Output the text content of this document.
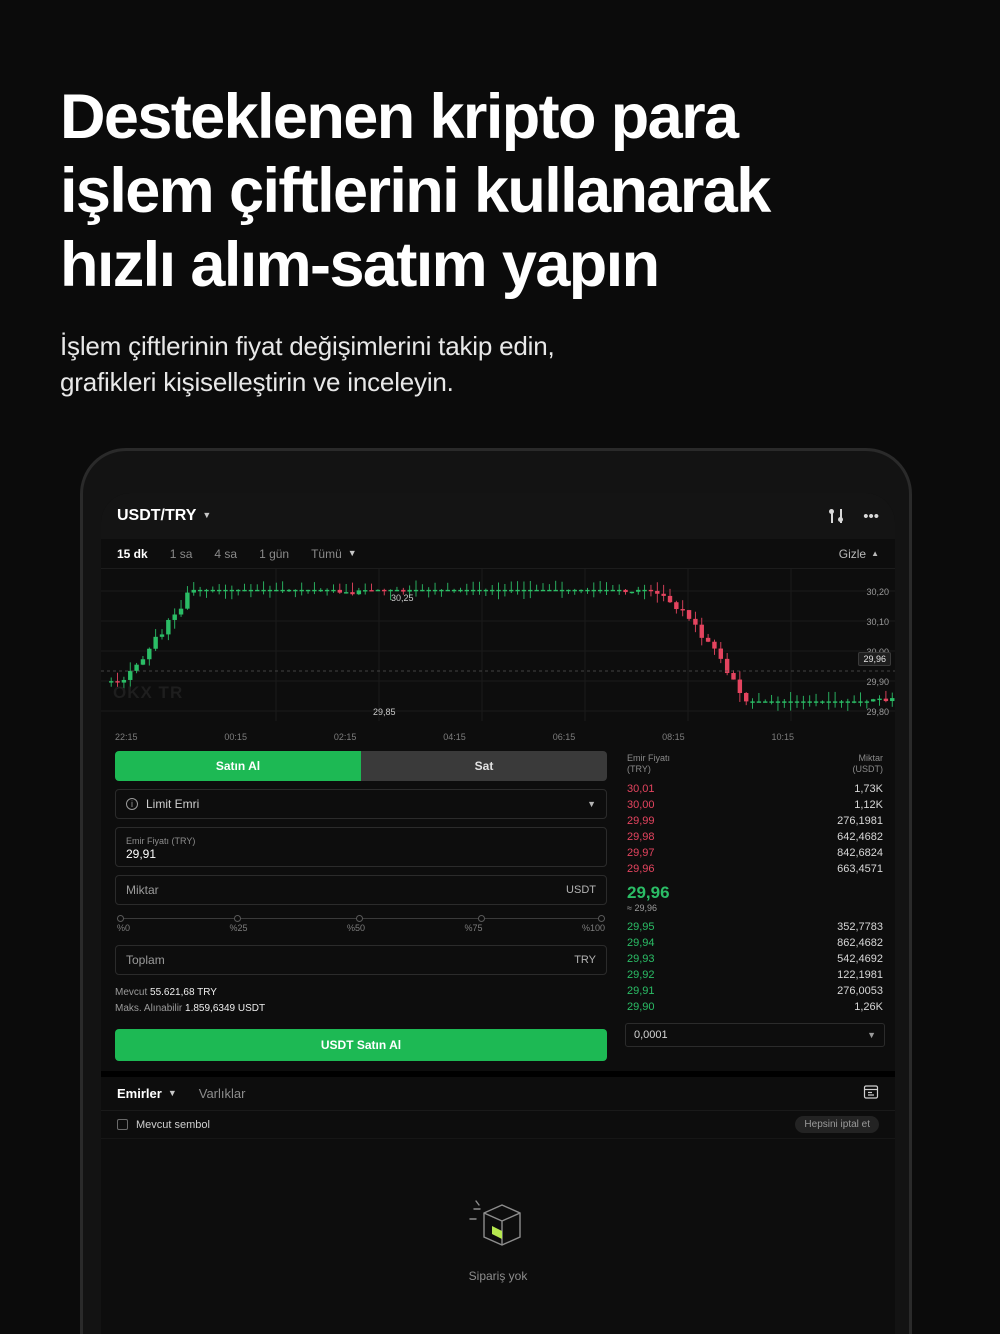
Desteklenen kripto para
işlem çiftlerini kullanarak
hızlı alım-satım yapın
İşlem çiftlerinin fiyat değişimlerini takip edin,
grafikleri kişiselleştirin ve inceleyin.
USDT/TRY ▼	•••
15 dk 1 sa 4 sa 1 gün Tümü ▼	Gizle ▲
30,25
29,85
30,20
30,10
29,90
29,80
29,96
OKX TR
22:15	00:15	02:15	04:15	06:15	08:15	10:15
Satın Al	Sat
i	Limit Emri	▼
Emir Fiyatı (TRY)
29,91
Miktar	USDT
%0	%25	%50	%75	%100
Toplam	TRY
Mevcut 55.621,68 TRY
Maks. Alınabilir 1.859,6349 USDT
USDT Satın Al
Emir Fiyatı
(TRY)
Miktar
(USDT)
30,01	1,73K
30,00	1,12K
29,99	276,1981
29,98	642,4682
29,97	842,6824
29,96	663,4571
29,96
≈ 29,96
29,95	352,7783
29,94	862,4682
29,93	542,4692
29,92	122,1981
29,91	276,0053
29,90	1,26K
0,0001	▼
Emirler ▼ Varlıklar
Mevcut sembol	Hepsini iptal et
Sipariş yok
